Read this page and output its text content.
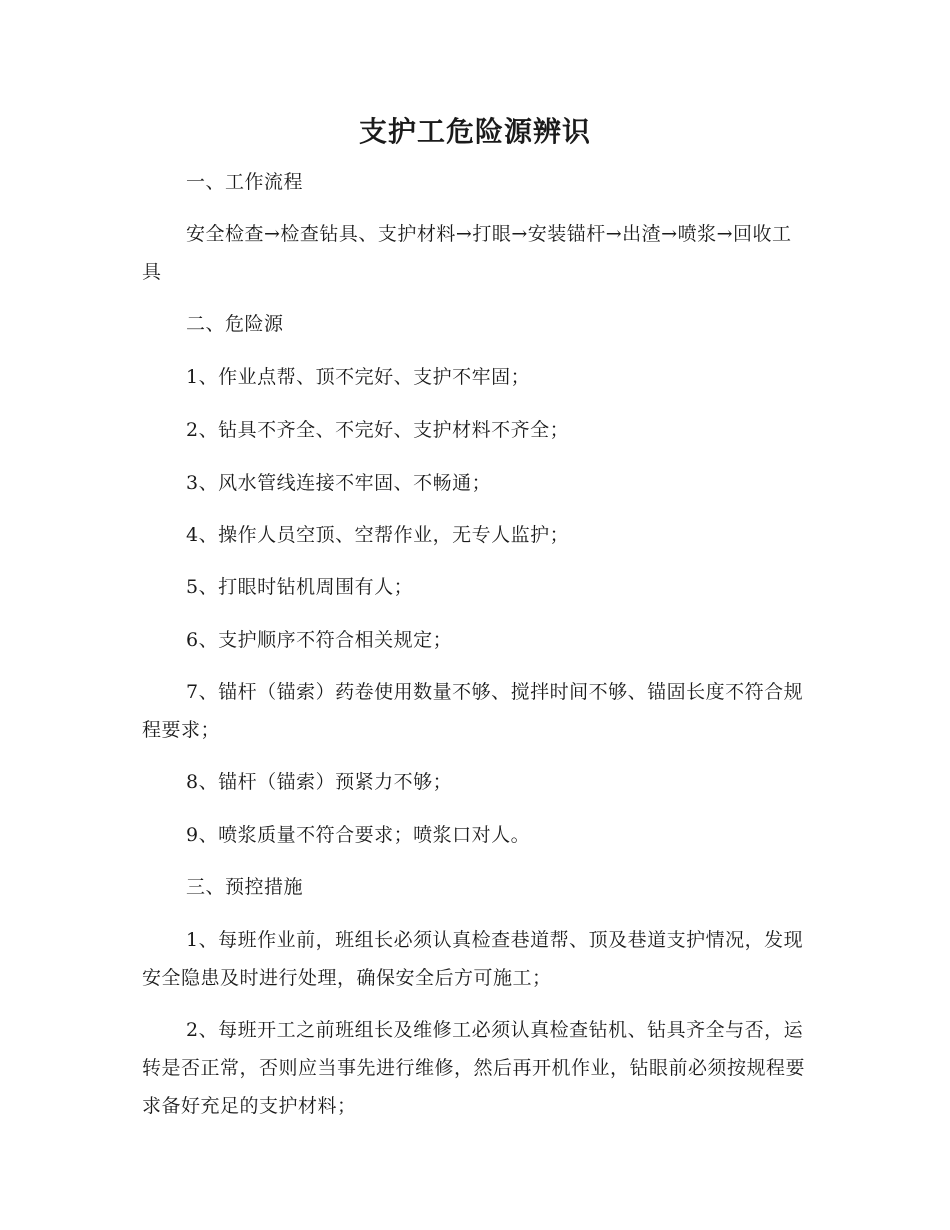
支护工危险源辨识

一、工作流程

安全检查→检查钻具、支护材料→打眼→安装锚杆→出渣→喷浆→回收工具

二、危险源

1、作业点帮、顶不完好、支护不牢固；

2、钻具不齐全、不完好、支护材料不齐全；

3、风水管线连接不牢固、不畅通；

4、操作人员空顶、空帮作业，无专人监护；

5、打眼时钻机周围有人；

6、支护顺序不符合相关规定；

7、锚杆（锚索）药卷使用数量不够、搅拌时间不够、锚固长度不符合规程要求；

8、锚杆（锚索）预紧力不够；

9、喷浆质量不符合要求；喷浆口对人。

三、预控措施

1、每班作业前，班组长必须认真检查巷道帮、顶及巷道支护情况，发现安全隐患及时进行处理，确保安全后方可施工；

2、每班开工之前班组长及维修工必须认真检查钻机、钻具齐全与否，运转是否正常，否则应当事先进行维修，然后再开机作业，钻眼前必须按规程要求备好充足的支护材料；
